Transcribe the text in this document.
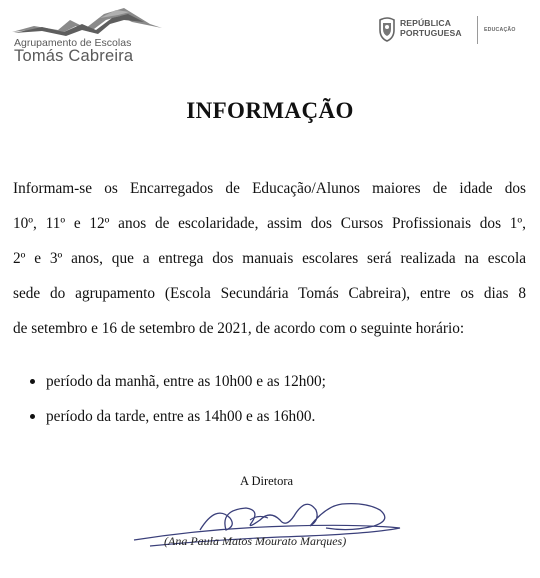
Agrupamento de Escolas
Tomás Cabreira
REPÚBLICA
PORTUGUESA	EDUCAÇÃO
INFORMAÇÃO
Informam-se os Encarregados de Educação/Alunos maiores de idade dos
10º, 11º e 12º anos de escolaridade, assim dos Cursos Profissionais dos 1º,
2º e 3º anos, que a entrega dos manuais escolares será realizada na escola
sede do agrupamento (Escola Secundária Tomás Cabreira), entre os dias 8
de setembro e 16 de setembro de 2021, de acordo com o seguinte horário:
período da manhã, entre as 10h00 e as 12h00;
período da tarde, entre as 14h00 e as 16h00.
A Diretora
(Ana Paula Matos Mourato Marques)
